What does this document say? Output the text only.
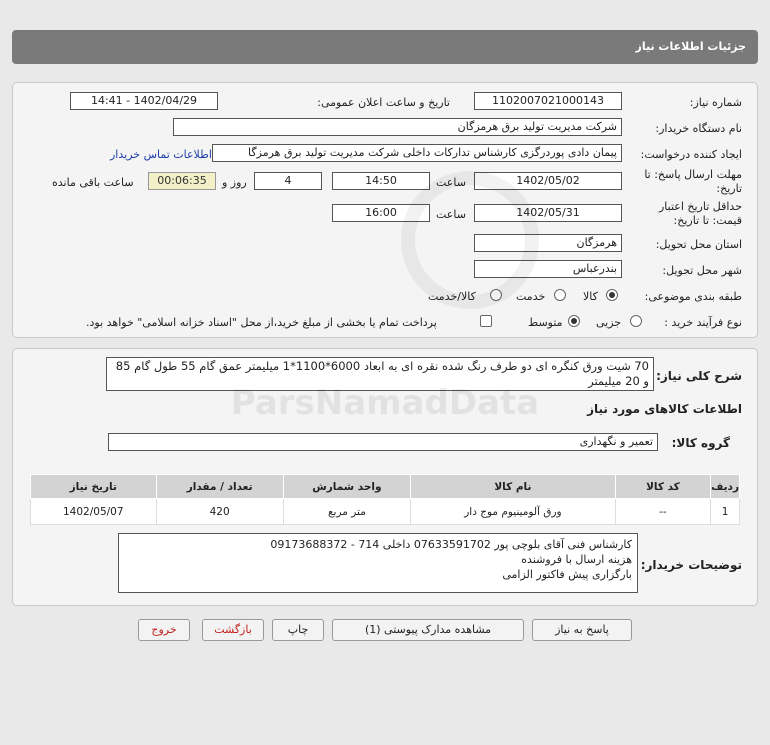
جزئیات اطلاعات نیاز
شماره نیاز:
1102007021000143
تاریخ و ساعت اعلان عمومی:
1402/04/29 - 14:41
نام دستگاه خریدار:
شرکت مدیریت تولید برق هرمزگان
ایجاد کننده درخواست:
پیمان دادی پوردرگزی کارشناس تدارکات داخلی شرکت مدیریت تولید برق هرمزگا
اطلاعات تماس خریدار
مهلت ارسال پاسخ: تا
تاریخ:
1402/05/02
ساعت
14:50
4
روز و
00:06:35
ساعت باقی مانده
حداقل تاریخ اعتبار
قیمت: تا تاریخ:
1402/05/31
ساعت
16:00
استان محل تحویل:
هرمزگان
شهر محل تحویل:
بندرعباس
طبقه بندی موضوعی:
کالا
خدمت
کالا/خدمت
نوع فرآیند خرید :
جزیی
متوسط
پرداخت تمام یا بخشی از مبلغ خرید،از محل "اسناد خزانه اسلامی" خواهد بود.
شرح کلی نیاز:
70 شیت ورق کنگره ای دو طرف رنگ شده نقره ای به ابعاد 6000*1100*1 میلیمتر عمق گام 55 طول گام 85
و 20 میلیمتر
اطلاعات کالاهای مورد نیاز
گروه کالا:
تعمیر و نگهداری
ردیف	کد کالا	نام کالا	واحد شمارش	تعداد / مقدار	تاریخ نیاز
1	--	ورق آلومینیوم موج دار	متر مربع	420	1402/05/07
توضیحات خریدار:
کارشناس فنی آقای بلوچی پور 07633591702 داخلی 714 - 09173688372
هزینه ارسال با فروشنده
بارگزاری پیش فاکتور الزامی
پاسخ به نیاز
مشاهده مدارک پیوستی (1)
چاپ
بازگشت
خروج
